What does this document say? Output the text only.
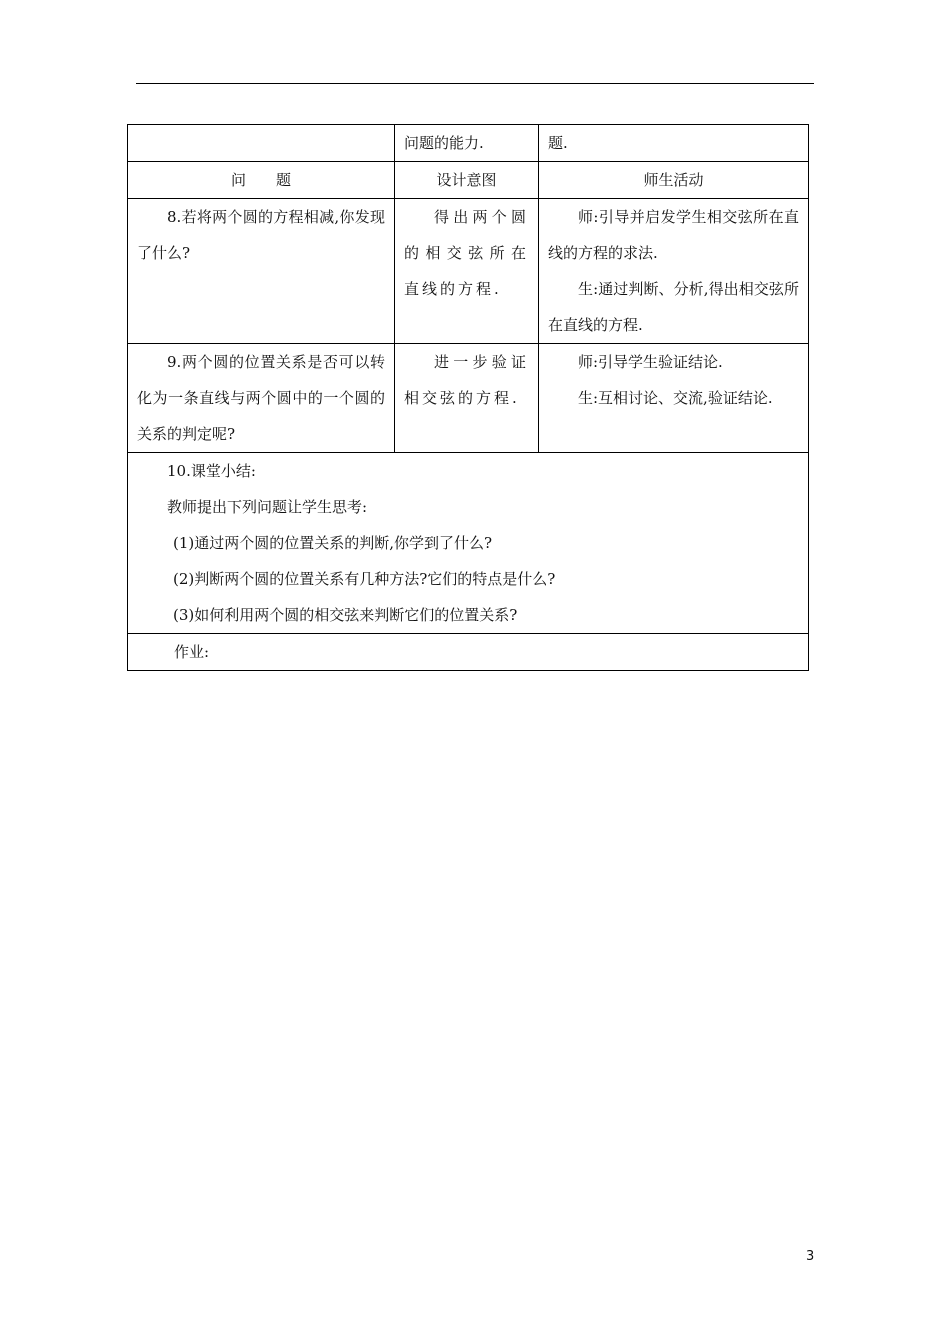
	问题的能力.	题.
问　　题	设计意图	师生活动

8.若将两个圆的方程相减,你发现了什么?	得出两个圆的相交弦所在直线的方程.	师:引导并启发学生相交弦所在直线的方程的求法.

生:通过判断、分析,得出相交弦所在直线的方程.

9.两个圆的位置关系是否可以转化为一条直线与两个圆中的一个圆的关系的判定呢?	进一步验证相交弦的方程.	师:引导学生验证结论.

生:互相讨论、交流,验证结论.

10.课堂小结:

教师提出下列问题让学生思考:

(1)通过两个圆的位置关系的判断,你学到了什么?

(2)判断两个圆的位置关系有几种方法?它们的特点是什么?

(3)如何利用两个圆的相交弦来判断它们的位置关系?		

作业:		

3
